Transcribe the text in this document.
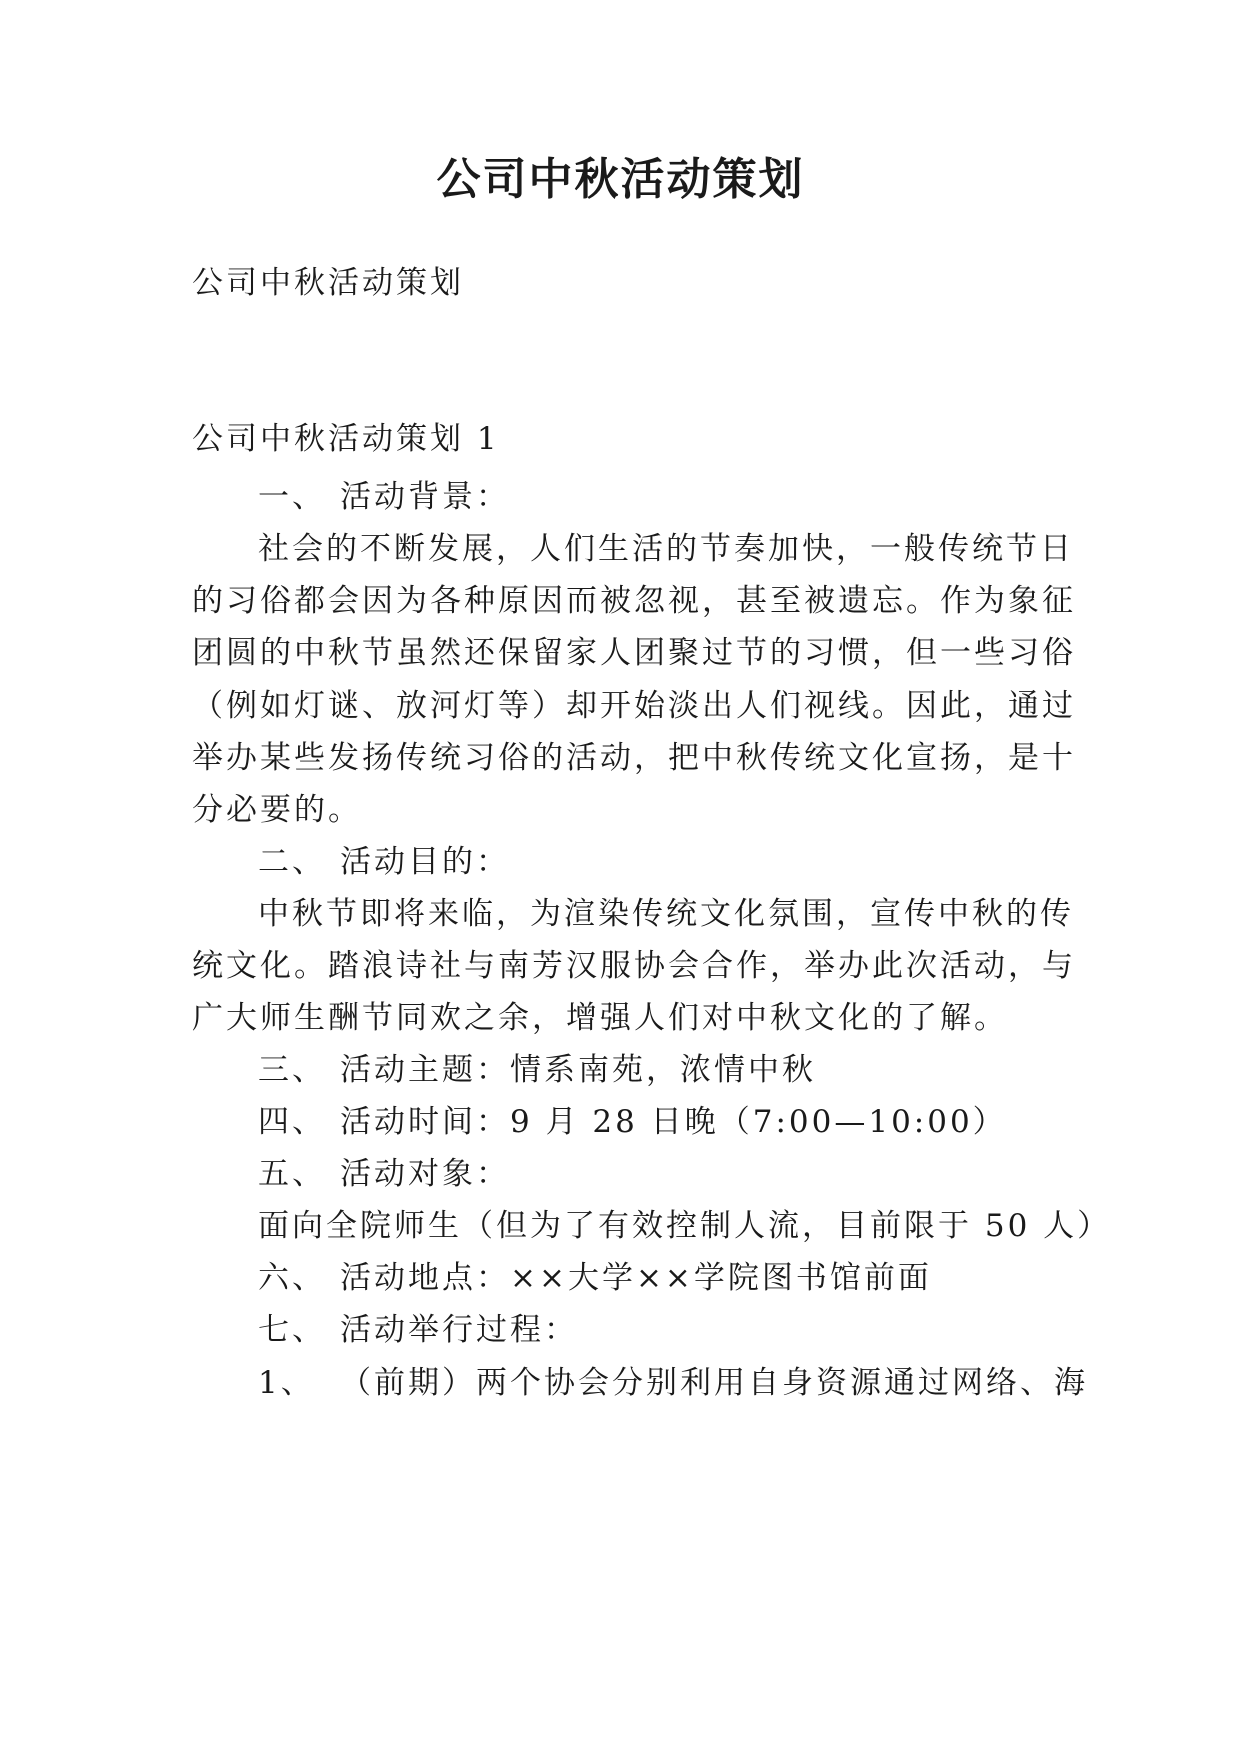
公司中秋活动策划
公司中秋活动策划
公司中秋活动策划 1
一、 活动背景：
社会的不断发展，人们生活的节奏加快，一般传统节日
的习俗都会因为各种原因而被忽视，甚至被遗忘。作为象征
团圆的中秋节虽然还保留家人团聚过节的习惯，但一些习俗
（例如灯谜、放河灯等）却开始淡出人们视线。因此，通过
举办某些发扬传统习俗的活动，把中秋传统文化宣扬，是十
分必要的。
二、 活动目的：
中秋节即将来临，为渲染传统文化氛围，宣传中秋的传
统文化。踏浪诗社与南芳汉服协会合作，举办此次活动，与
广大师生酬节同欢之余，增强人们对中秋文化的了解。
三、 活动主题：情系南苑，浓情中秋
四、 活动时间：9 月 28 日晚（7:00—10:00）
五、 活动对象：
面向全院师生（但为了有效控制人流，目前限于 50 人）
六、 活动地点：××大学××学院图书馆前面
七、 活动举行过程：
1、 （前期）两个协会分别利用自身资源通过网络、海
